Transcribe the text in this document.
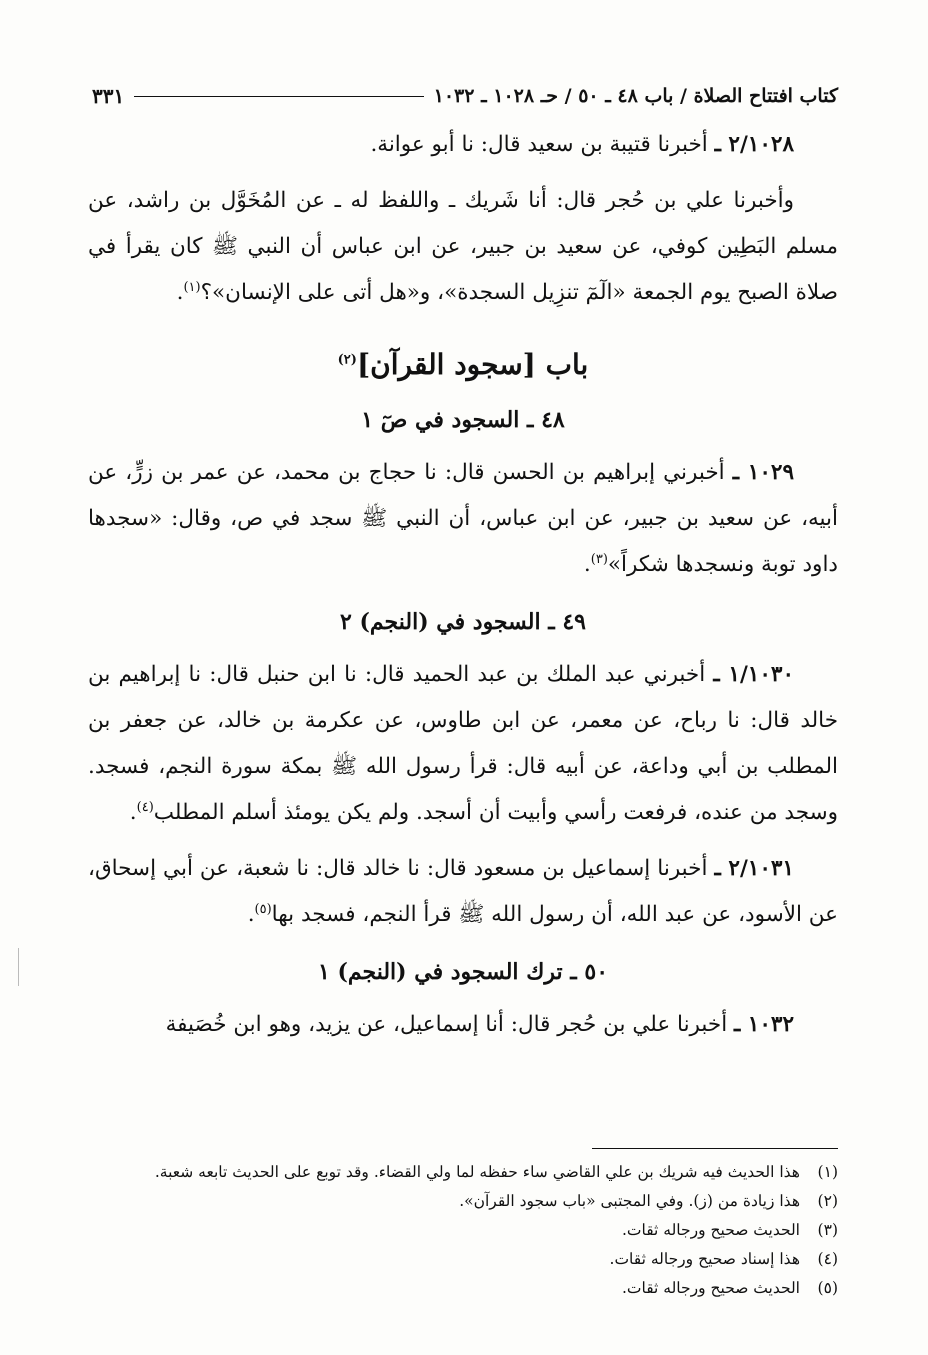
كتاب افتتاح الصلاة / باب ٤٨ ـ ٥٠ / حـ ١٠٢٨ ـ ١٠٣٢
٣٣١

٢/١٠٢٨ ـ أخبرنا قتيبة بن سعيد قال: نا أبو عوانة.

وأخبرنا علي بن حُجر قال: أنا شَريك ـ واللفظ له ـ عن المُخَوَّل بن راشد، عن مسلم البَطِين كوفي، عن سعيد بن جبير، عن ابن عباس أن النبي ﷺ كان يقرأ في صلاة الصبح يوم الجمعة «الٓمٓ تنزِيل السجدة»، و«هل أتى على الإنسان»؟$^{(١)}$.

باب [سجود القرآن]$^{(٢)}$
٤٨ ـ السجود في صٓ ١

١٠٢٩ ـ أخبرني إبراهيم بن الحسن قال: نا حجاج بن محمد، عن عمر بن زرٍّ، عن أبيه، عن سعيد بن جبير، عن ابن عباس، أن النبي ﷺ سجد في ص، وقال: «سجدها داود توبة ونسجدها شكراً»$^{(٣)}$.

٤٩ ـ السجود في (النجم) ٢

١/١٠٣٠ ـ أخبرني عبد الملك بن عبد الحميد قال: نا ابن حنبل قال: نا إبراهيم بن خالد قال: نا رباح، عن معمر، عن ابن طاوس، عن عكرمة بن خالد، عن جعفر بن المطلب بن أبي وداعة، عن أبيه قال: قرأ رسول الله ﷺ بمكة سورة النجم، فسجد. وسجد من عنده، فرفعت رأسي وأبيت أن أسجد. ولم يكن يومئذ أسلم المطلب$^{(٤)}$.

٢/١٠٣١ ـ أخبرنا إسماعيل بن مسعود قال: نا خالد قال: نا شعبة، عن أبي إسحاق، عن الأسود، عن عبد الله، أن رسول الله ﷺ قرأ النجم، فسجد بها$^{(٥)}$.

٥٠ ـ ترك السجود في (النجم) ١

١٠٣٢ ـ أخبرنا علي بن حُجر قال: أنا إسماعيل، عن يزيد، وهو ابن خُصَيفة

(١)
هذا الحديث فيه شريك بن علي القاضي ساء حفظه لما ولي القضاء. وقد توبع على الحديث تابعه شعبة.
(٢)
هذا زيادة من (ز). وفي المجتبى «باب سجود القرآن».
(٣)
الحديث صحيح ورجاله ثقات.
(٤)
هذا إسناد صحيح ورجاله ثقات.
(٥)
الحديث صحيح ورجاله ثقات.
